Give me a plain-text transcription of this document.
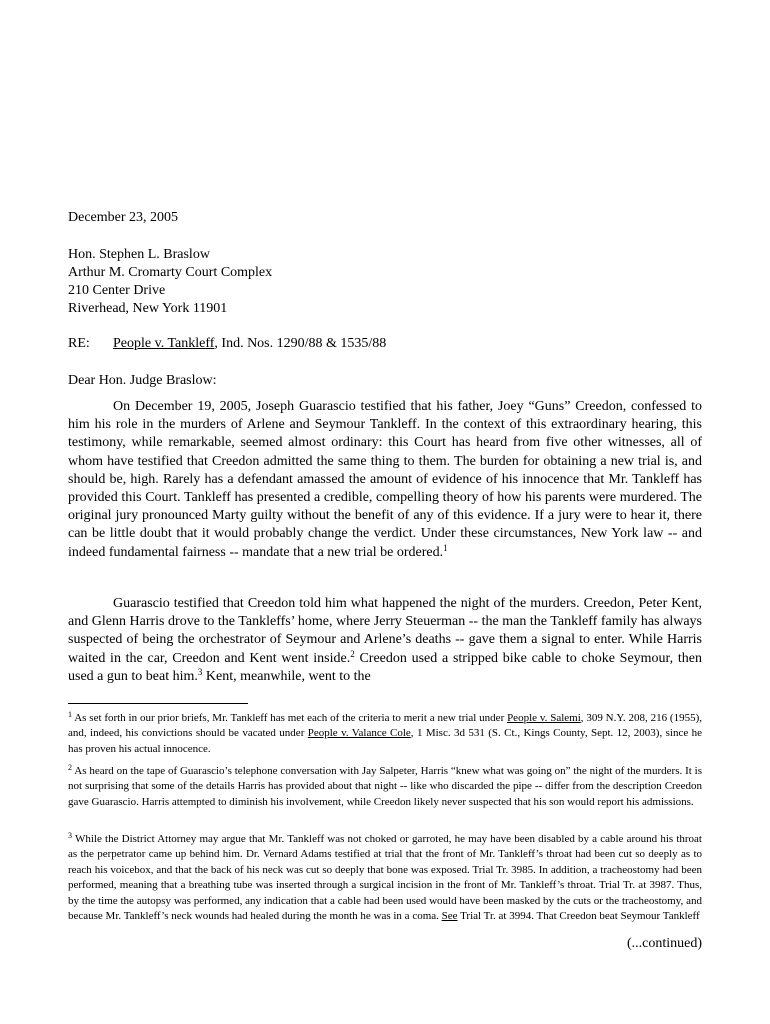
December 23, 2005
Hon. Stephen L. Braslow
Arthur M. Cromarty Court Complex
210 Center Drive
Riverhead, New York 11901
RE: People v. Tankleff, Ind. Nos. 1290/88 & 1535/88
Dear Hon. Judge Braslow:
On December 19, 2005, Joseph Guarascio testified that his father, Joey “Guns” Creedon, confessed to him his role in the murders of Arlene and Seymour Tankleff. In the context of this extraordinary hearing, this testimony, while remarkable, seemed almost ordinary: this Court has heard from five other witnesses, all of whom have testified that Creedon admitted the same thing to them. The burden for obtaining a new trial is, and should be, high. Rarely has a defendant amassed the amount of evidence of his innocence that Mr. Tankleff has provided this Court. Tankleff has presented a credible, compelling theory of how his parents were murdered. The original jury pronounced Marty guilty without the benefit of any of this evidence. If a jury were to hear it, there can be little doubt that it would probably change the verdict. Under these circumstances, New York law -- and indeed fundamental fairness -- mandate that a new trial be ordered.$^1$
Guarascio testified that Creedon told him what happened the night of the murders. Creedon, Peter Kent, and Glenn Harris drove to the Tankleffs’ home, where Jerry Steuerman -- the man the Tankleff family has always suspected of being the orchestrator of Seymour and Arlene’s deaths -- gave them a signal to enter. While Harris waited in the car, Creedon and Kent went inside.$^2$ Creedon used a stripped bike cable to choke Seymour, then used a gun to beat him.$^3$ Kent, meanwhile, went to the
$^1$ As set forth in our prior briefs, Mr. Tankleff has met each of the criteria to merit a new trial under People v. Salemi, 309 N.Y. 208, 216 (1955), and, indeed, his convictions should be vacated under People v. Valance Cole, 1 Misc. 3d 531 (S. Ct., Kings County, Sept. 12, 2003), since he has proven his actual innocence.
$^2$ As heard on the tape of Guarascio’s telephone conversation with Jay Salpeter, Harris “knew what was going on” the night of the murders. It is not surprising that some of the details Harris has provided about that night -- like who discarded the pipe -- differ from the description Creedon gave Guarascio. Harris attempted to diminish his involvement, while Creedon likely never suspected that his son would report his admissions.
$^3$ While the District Attorney may argue that Mr. Tankleff was not choked or garroted, he may have been disabled by a cable around his throat as the perpetrator came up behind him. Dr. Vernard Adams testified at trial that the front of Mr. Tankleff’s throat had been cut so deeply as to reach his voicebox, and that the back of his neck was cut so deeply that bone was exposed. Trial Tr. 3985. In addition, a tracheostomy had been performed, meaning that a breathing tube was inserted through a surgical incision in the front of Mr. Tankleff’s throat. Trial Tr. at 3987. Thus, by the time the autopsy was performed, any indication that a cable had been used would have been masked by the cuts or the tracheostomy, and because Mr. Tankleff’s neck wounds had healed during the month he was in a coma. See Trial Tr. at 3994. That Creedon beat Seymour Tankleff
(...continued)
